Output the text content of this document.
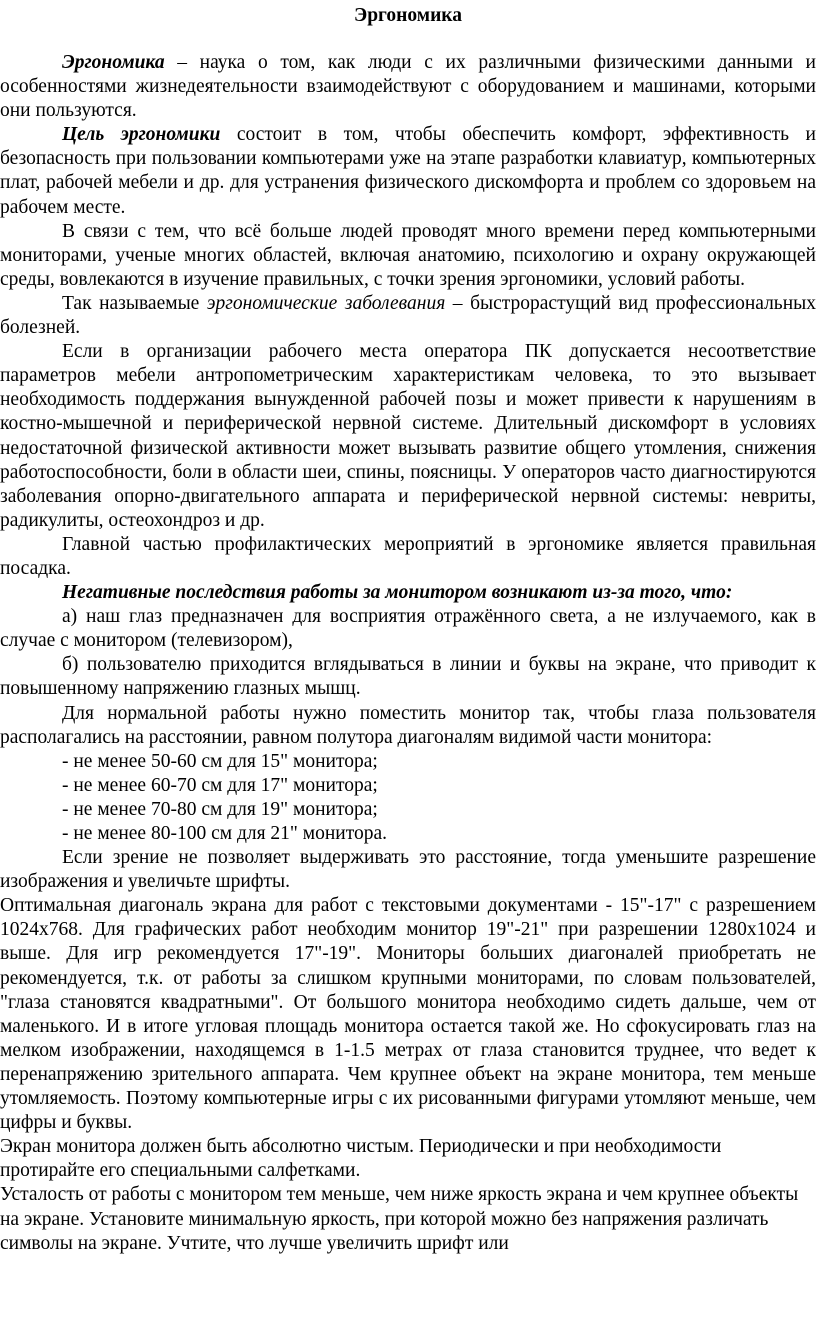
Эргономика

Эргономика – наука о том, как люди с их различными физическими данными и особенностями жизнедеятельности взаимодействуют с оборудованием и машинами, которыми они пользуются.

Цель эргономики состоит в том, чтобы обеспечить комфорт, эффективность и безопасность при пользовании компьютерами уже на этапе разработки клавиатур, компьютерных плат, рабочей мебели и др. для устранения физического дискомфорта и проблем со здоровьем на рабочем месте.

В связи с тем, что всё больше людей проводят много времени перед компьютерными мониторами, ученые многих областей, включая анатомию, психологию и охрану окружающей среды, вовлекаются в изучение правильных, с точки зрения эргономики, условий работы.

Так называемые эргономические заболевания – быстрорастущий вид профессиональных болезней.

Если в организации рабочего места оператора ПК допускается несоответствие параметров мебели антропометрическим характеристикам человека, то это вызывает необходимость поддержания вынужденной рабочей позы и может привести к нарушениям в костно-мышечной и периферической нервной системе. Длительный дискомфорт в условиях недостаточной физической активности может вызывать развитие общего утомления, снижения работоспособности, боли в области шеи, спины, поясницы. У операторов часто диагностируются заболевания опорно-двигательного аппарата и периферической нервной системы: невриты, радикулиты, остеохондроз и др.

Главной частью профилактических мероприятий в эргономике является правильная посадка.

Негативные последствия работы за монитором возникают из-за того, что:

а) наш глаз предназначен для восприятия отражённого света, а не излучаемого, как в случае с монитором (телевизором),

б) пользователю приходится вглядываться в линии и буквы на экране, что приводит к повышенному напряжению глазных мышц.

Для нормальной работы нужно поместить монитор так, чтобы глаза пользователя располагались на расстоянии, равном полутора диагоналям видимой части монитора:

- не менее 50-60 см для 15" монитора;

- не менее 60-70 см для 17" монитора;

- не менее 70-80 см для 19" монитора;

- не менее 80-100 см для 21" монитора.

Если зрение не позволяет выдерживать это расстояние, тогда уменьшите разрешение изображения и увеличьте шрифты.

Оптимальная диагональ экрана для работ с текстовыми документами - 15"-17" с разрешением 1024x768. Для графических работ необходим монитор 19"-21" при разрешении 1280x1024 и выше. Для игр рекомендуется 17"-19". Мониторы больших диагоналей приобретать не рекомендуется, т.к. от работы за слишком крупными мониторами, по словам пользователей, "глаза становятся квадратными". От большого монитора необходимо сидеть дальше, чем от маленького. И в итоге угловая площадь монитора остается такой же. Но сфокусировать глаз на мелком изображении, находящемся в 1-1.5 метрах от глаза становится труднее, что ведет к перенапряжению зрительного аппарата. Чем крупнее объект на экране монитора, тем меньше утомляемость. Поэтому компьютерные игры с их рисованными фигурами утомляют меньше, чем цифры и буквы.

Экран монитора должен быть абсолютно чистым. Периодически и при необходимости протирайте его специальными салфетками.

Усталость от работы с монитором тем меньше, чем ниже яркость экрана и чем крупнее объекты на экране. Установите минимальную яркость, при которой можно без напряжения различать символы на экране. Учтите, что лучше увеличить шрифт или
